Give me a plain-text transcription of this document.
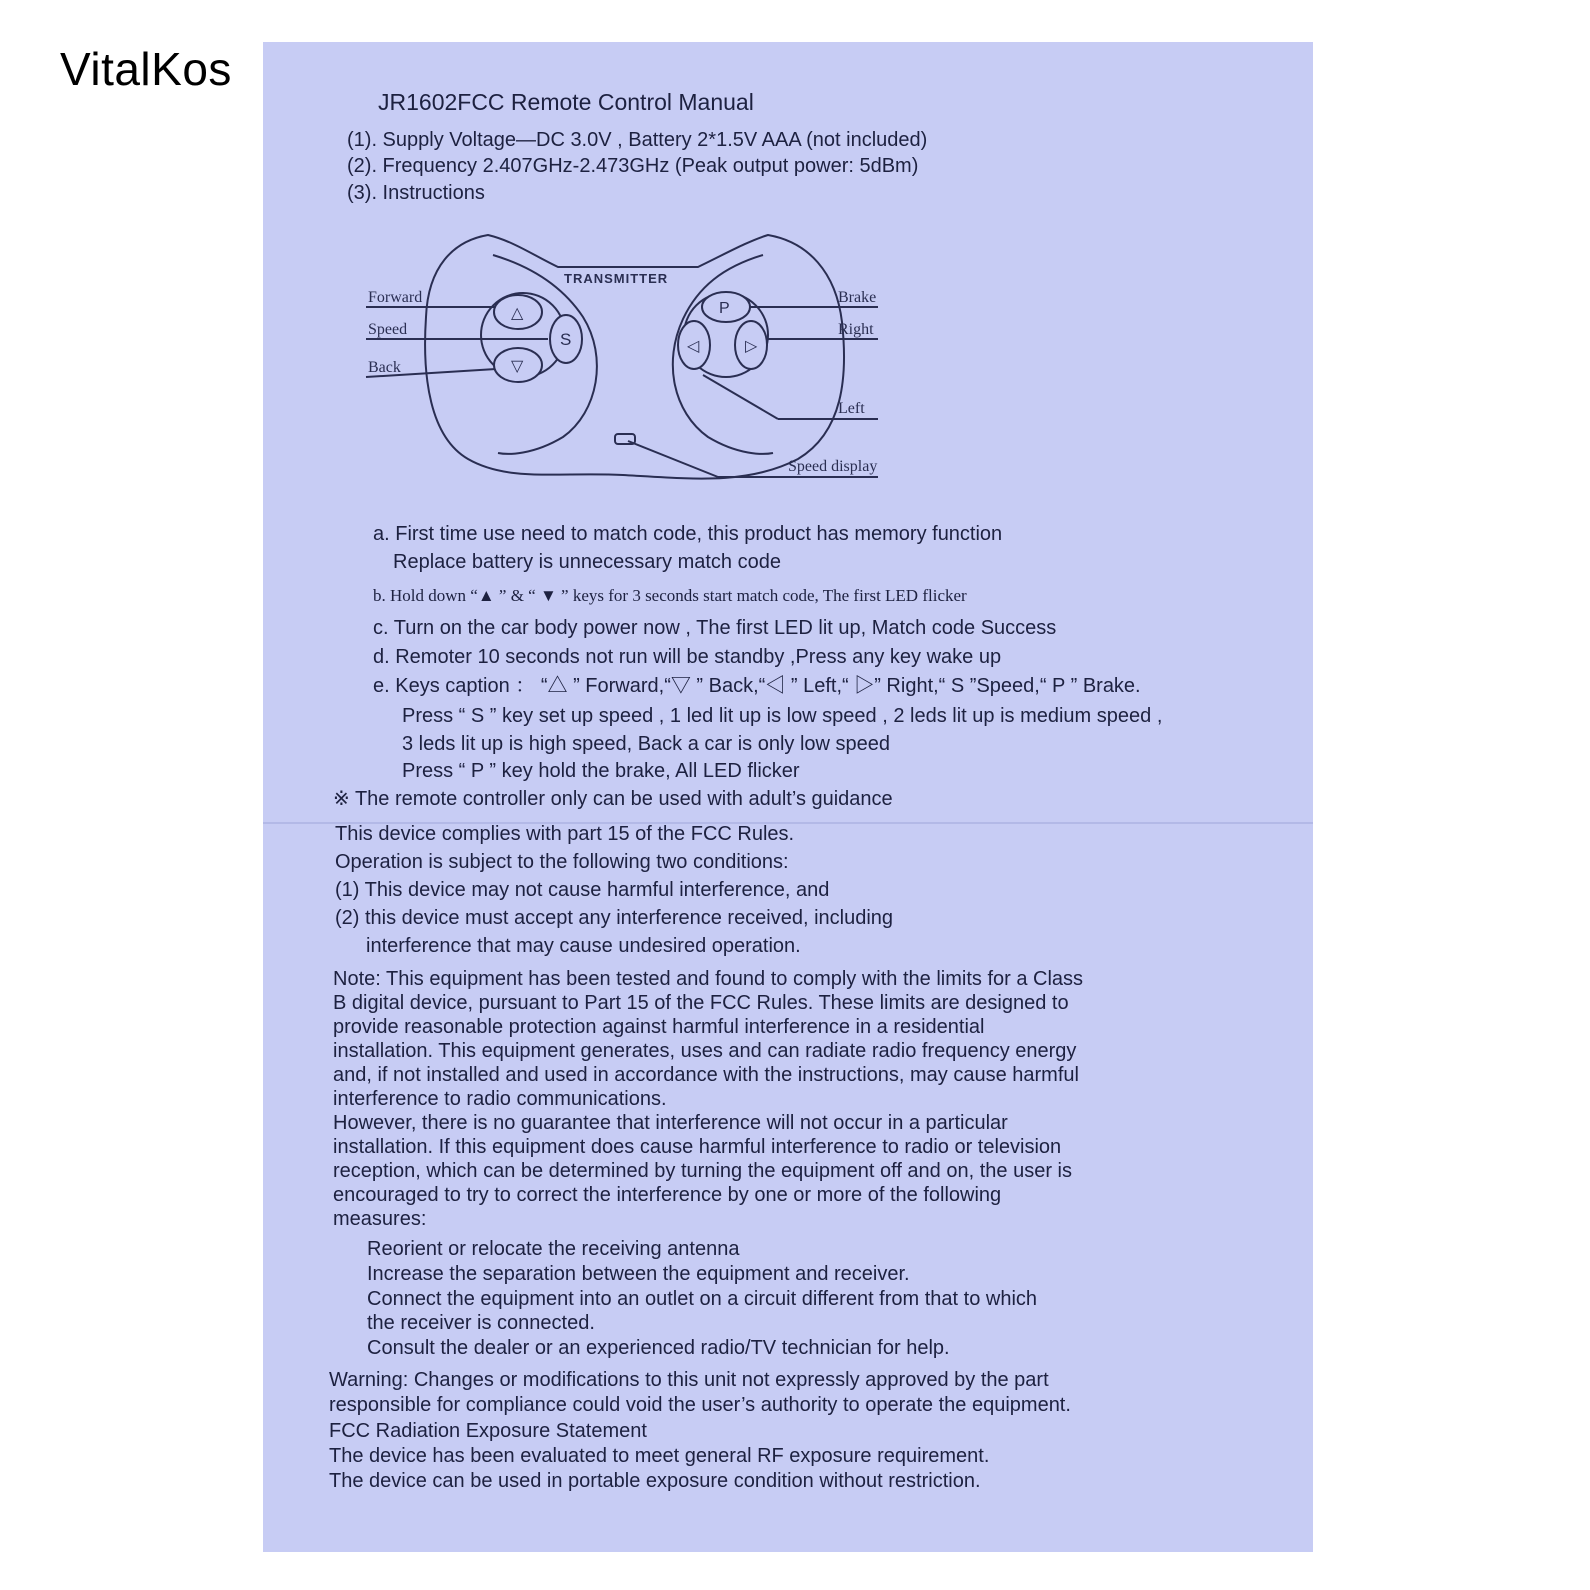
VitalKos
JR1602FCC Remote Control Manual
(1). Supply Voltage—DC 3.0V , Battery 2*1.5V AAA (not included)
(2). Frequency 2.407GHz-2.473GHz (Peak output power: 5dBm)
(3). Instructions
TRANSMITTER
△
▽
S
P
◁	▷
Forward
Speed
Back
Brake
Right
Left
Speed display
a. First time use need to match code, this product has memory function
Replace battery is unnecessary match code
b. Hold down “▲ ” & “ ▼ ” keys for 3 seconds start match code, The first LED flicker
c. Turn on the car body power now , The first LED lit up, Match code Success
d. Remoter 10 seconds not run will be standby ,Press any key wake up
e. Keys caption ： “△ ” Forward,“▽ ” Back,“◁ ” Left,“ ▷” Right,“ S ”Speed,“ P ” Brake.
Press “ S ” key set up speed , 1 led lit up is low speed , 2 leds lit up is medium speed ,
3 leds lit up is high speed, Back a car is only low speed
Press “ P ” key hold the brake, All LED flicker
※ The remote controller only can be used with adult’s guidance
This device complies with part 15 of the FCC Rules.
Operation is subject to the following two conditions:
(1) This device may not cause harmful interference, and
(2) this device must accept any interference received, including
interference that may cause undesired operation.
Note: This equipment has been tested and found to comply with the limits for a Class
B digital device, pursuant to Part 15 of the FCC Rules. These limits are designed to
provide reasonable protection against harmful interference in a residential
installation. This equipment generates, uses and can radiate radio frequency energy
and, if not installed and used in accordance with the instructions, may cause harmful
interference to radio communications.
However, there is no guarantee that interference will not occur in a particular
installation. If this equipment does cause harmful interference to radio or television
reception, which can be determined by turning the equipment off and on, the user is
encouraged to try to correct the interference by one or more of the following
measures:
Reorient or relocate the receiving antenna
Increase the separation between the equipment and receiver.
Connect the equipment into an outlet on a circuit different from that to which
the receiver is connected.
Consult the dealer or an experienced radio/TV technician for help.
Warning: Changes or modifications to this unit not expressly approved by the part
responsible for compliance could void the user’s authority to operate the equipment.
FCC Radiation Exposure Statement
The device has been evaluated to meet general RF exposure requirement.
The device can be used in portable exposure condition without restriction.
